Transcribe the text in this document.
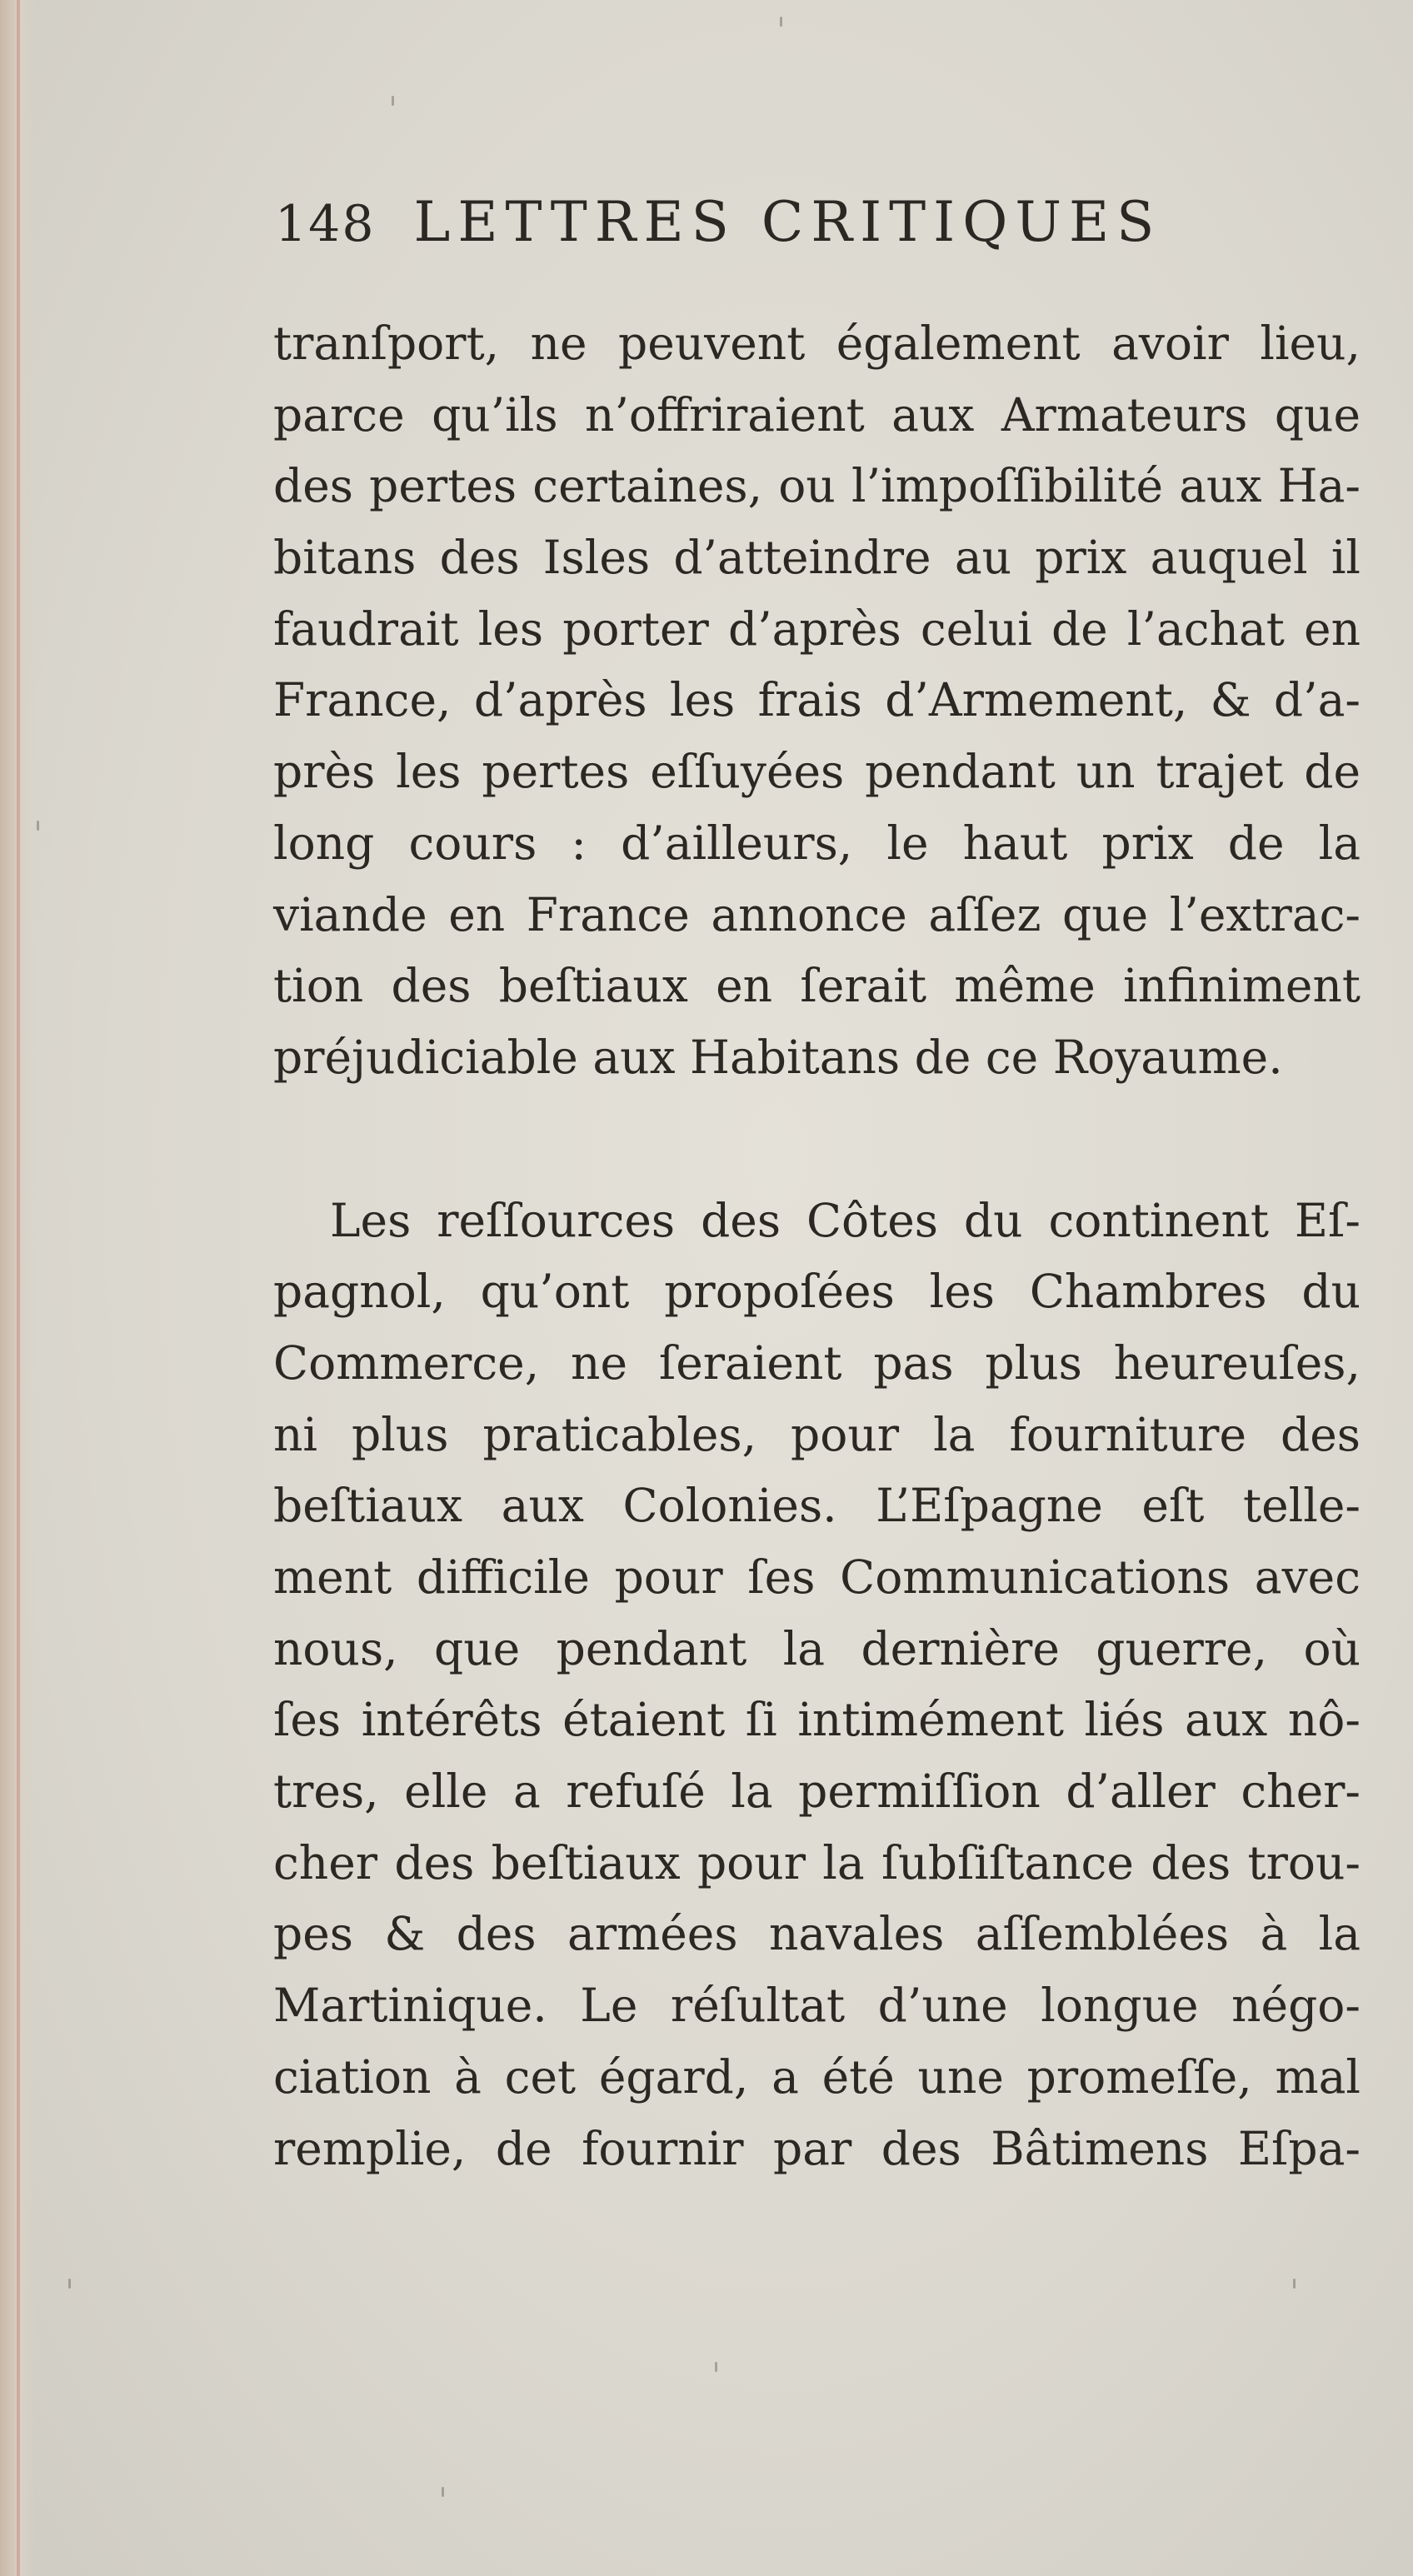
148 LETTRES CRITIQUES
tranſport, ne peuvent également avoir lieu,
parce qu’ils n’offriraient aux Armateurs que
des pertes certaines, ou l’impoſſibilité aux Ha-
bitans des Isles d’atteindre au prix auquel il
faudrait les porter d’après celui de l’achat en
France, d’après les frais d’Armement, & d’a-
près les pertes eſſuyées pendant un trajet de
long cours : d’ailleurs, le haut prix de la
viande en France annonce aſſez que l’extrac-
tion des beſtiaux en ſerait même infiniment
préjudiciable aux Habitans de ce Royaume.
Les reſſources des Côtes du continent Eſ-
pagnol, qu’ont propoſées les Chambres du
Commerce, ne ſeraient pas plus heureuſes,
ni plus praticables, pour la fourniture des
beſtiaux aux Colonies. L’Eſpagne eſt telle-
ment difficile pour ſes Communications avec
nous, que pendant la dernière guerre, où
ſes intérêts étaient ſi intimément liés aux nô-
tres, elle a refuſé la permiſſion d’aller cher-
cher des beſtiaux pour la ſubſiſtance des trou-
pes & des armées navales aſſemblées à la
Martinique. Le réſultat d’une longue négo-
ciation à cet égard, a été une promeſſe, mal
remplie, de fournir par des Bâtimens Eſpa-
